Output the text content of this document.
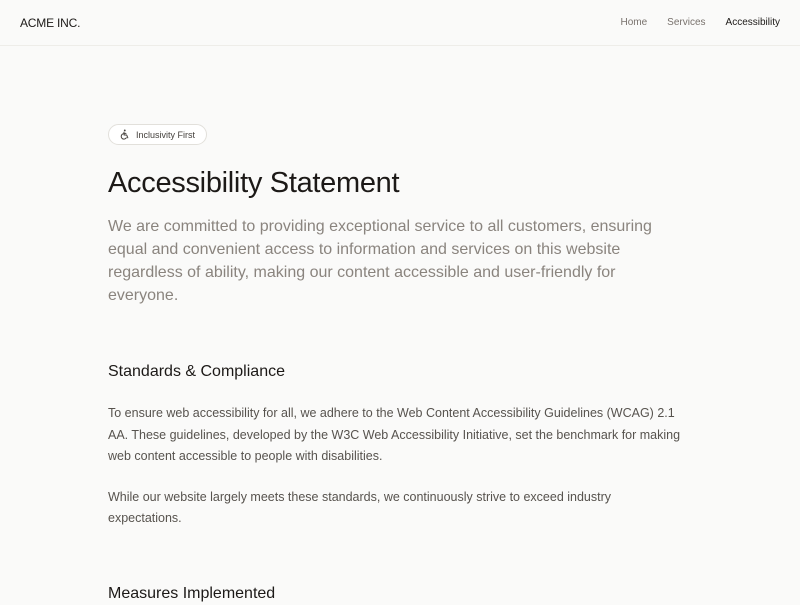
ACME INC.	Home Services Accessibility
Inclusivity First
Accessibility Statement

We are committed to providing exceptional service to all customers, ensuring equal and convenient access to information and services on this website regardless of ability, making our content accessible and user‑friendly for everyone.

Standards & Compliance

To ensure web accessibility for all, we adhere to the Web Content Accessibility Guidelines (WCAG) 2.1 AA. These guidelines, developed by the W3C Web Accessibility Initiative, set the benchmark for making web content accessible to people with disabilities.

While our website largely meets these standards, we continuously strive to exceed industry expectations.

Measures Implemented
